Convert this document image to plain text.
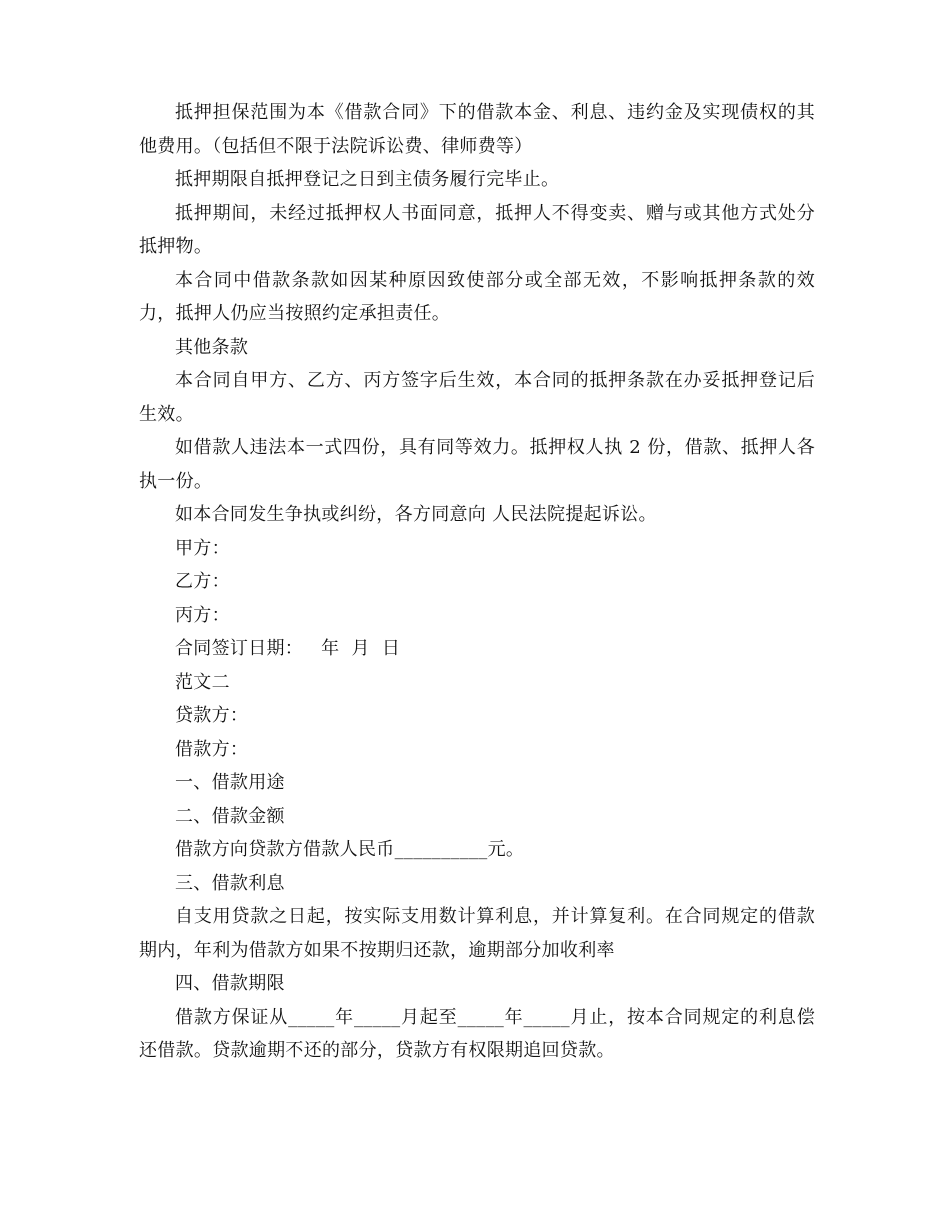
抵押担保范围为本《借款合同》下的借款本金、利息、违约金及实现债权的其他费用。（包括但不限于法院诉讼费、律师费等）

抵押期限自抵押登记之日到主债务履行完毕止。

抵押期间，未经过抵押权人书面同意，抵押人不得变卖、赠与或其他方式处分抵押物。

本合同中借款条款如因某种原因致使部分或全部无效，不影响抵押条款的效力，抵押人仍应当按照约定承担责任。

其他条款

本合同自甲方、乙方、丙方签字后生效，本合同的抵押条款在办妥抵押登记后生效。

如借款人违法本一式四份，具有同等效力。抵押权人执 2 份，借款、抵押人各执一份。

如本合同发生争执或纠纷，各方同意向 人民法院提起诉讼。

甲方：

乙方：

丙方：

合同签订日期：   年  月  日

范文二

贷款方：

借款方：

一、借款用途

二、借款金额

借款方向贷款方借款人民币__________元。

三、借款利息

自支用贷款之日起，按实际支用数计算利息，并计算复利。在合同规定的借款期内，年利为借款方如果不按期归还款，逾期部分加收利率

四、借款期限

借款方保证从_____年_____月起至_____年_____月止，按本合同规定的利息偿还借款。贷款逾期不还的部分，贷款方有权限期追回贷款。
